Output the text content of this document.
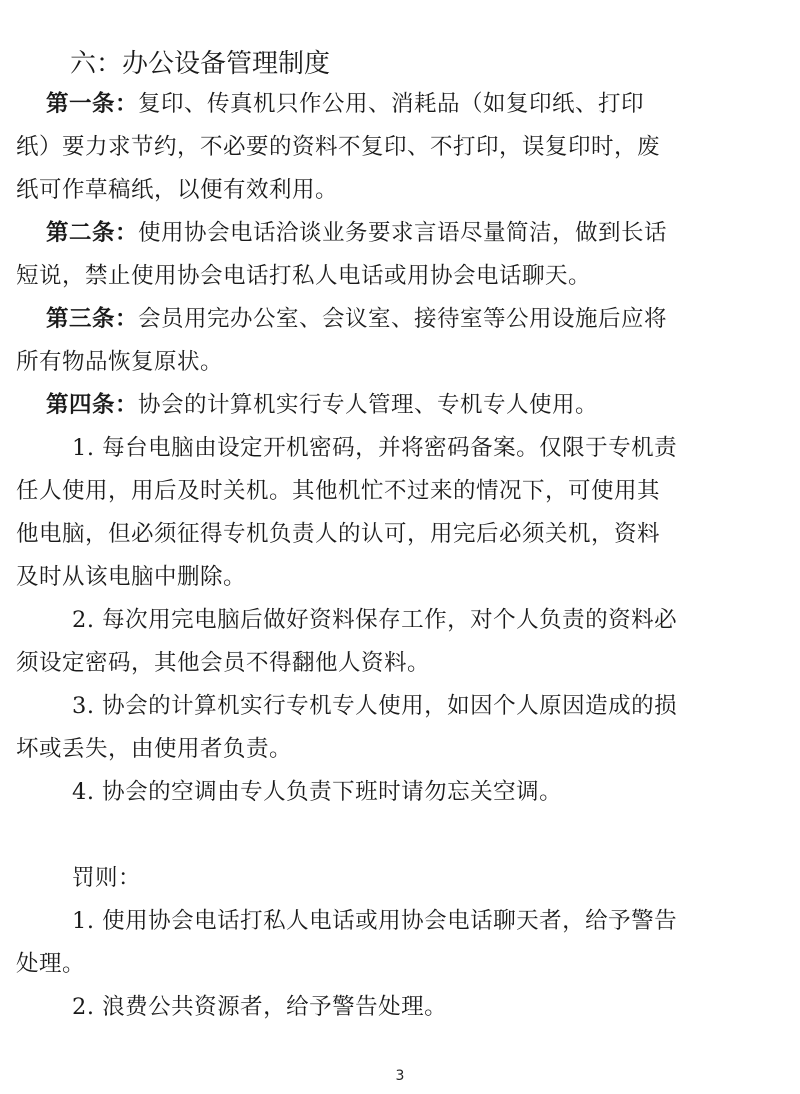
六：办公设备管理制度
第一条：复印、传真机只作公用、消耗品（如复印纸、打印
纸）要力求节约，不必要的资料不复印、不打印，误复印时，废
纸可作草稿纸，以便有效利用。
第二条：使用协会电话洽谈业务要求言语尽量简洁，做到长话
短说，禁止使用协会电话打私人电话或用协会电话聊天。
第三条：会员用完办公室、会议室、接待室等公用设施后应将
所有物品恢复原状。
第四条：协会的计算机实行专人管理、专机专人使用。
1. 每台电脑由设定开机密码，并将密码备案。仅限于专机责
任人使用，用后及时关机。其他机忙不过来的情况下，可使用其
他电脑，但必须征得专机负责人的认可，用完后必须关机，资料
及时从该电脑中删除。
2. 每次用完电脑后做好资料保存工作，对个人负责的资料必
须设定密码，其他会员不得翻他人资料。
3. 协会的计算机实行专机专人使用，如因个人原因造成的损
坏或丢失，由使用者负责。
4. 协会的空调由专人负责下班时请勿忘关空调。
罚则：
1. 使用协会电话打私人电话或用协会电话聊天者，给予警告
处理。
2. 浪费公共资源者，给予警告处理。
3
